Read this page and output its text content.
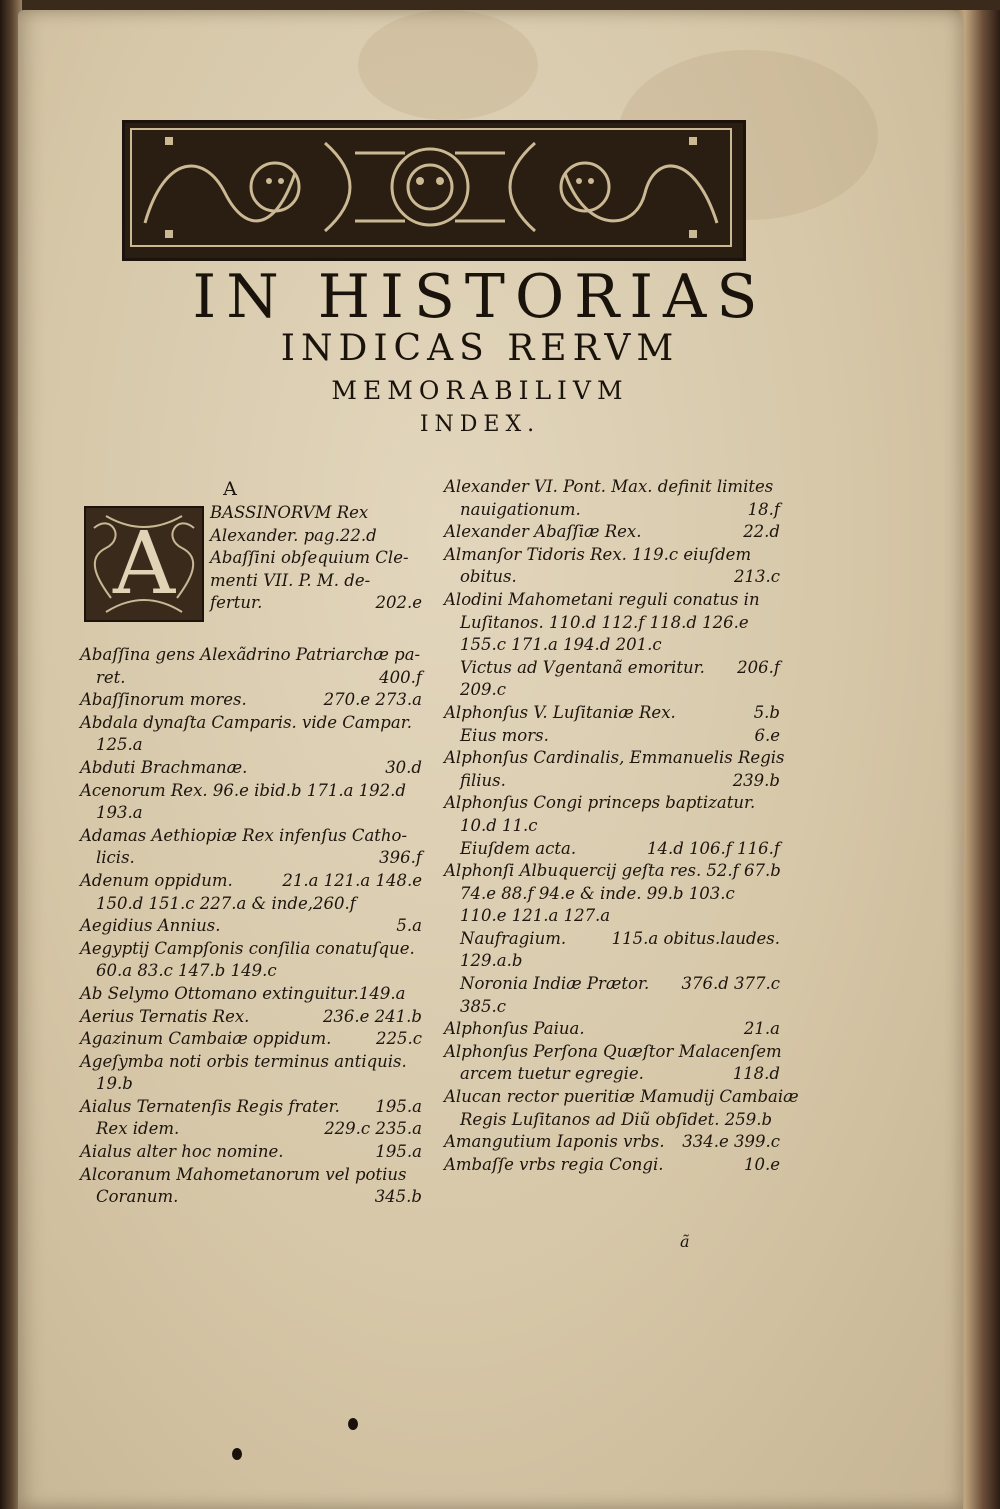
IN HISTORIAS
INDICAS RERVM
MEMORABILIVM
INDEX.
A
A
BASSINORVM Rex
Alexander. pag.22.d
Abaſſini obſequium Cle-
menti VII. P. M. de-
fertur.	202.e
Abaſſina gens Alexãdrino Patriarchæ pa-
ret.	400.f
Abaſſinorum mores.	270.e 273.a
Abdala dynaſta Camparis. vide Campar.
125.a
Abduti Brachmanæ.	30.d
Acenorum Rex. 96.e ibid.b 171.a 192.d
193.a
Adamas Aethiopiæ Rex infenſus Catho-
licis.	396.f
Adenum oppidum.	21.a 121.a 148.e
150.d 151.c 227.a & inde,260.f
Aegidius Annius.	5.a
Aegyptij Campſonis conſilia conatuſque.
60.a 83.c 147.b 149.c
Ab Selymo Ottomano extinguitur.149.a
Aerius Ternatis Rex.	236.e 241.b
Agazinum Cambaiæ oppidum.	225.c
Ageſymba noti orbis terminus antiquis.
19.b
Aialus Ternatenſis Regis frater. 195.a
Rex idem.	229.c 235.a
Aialus alter hoc nomine.	195.a
Alcoranum Mahometanorum vel potius
Coranum.	345.b
Alexander VI. Pont. Max. definit limites
nauigationum.	18.f
Alexander Abaſſiæ Rex.	22.d
Almanſor Tidoris Rex. 119.c eiuſdem
obitus.	213.c
Alodini Mahometani reguli conatus in
Luſitanos. 110.d 112.f 118.d 126.e
155.c 171.a 194.d 201.c
Victus ad Vgentanã emoritur. 206.f
209.c
Alphonſus V. Luſitaniæ Rex.	5.b
Eius mors.	6.e
Alphonſus Cardinalis, Emmanuelis Regis
filius.	239.b
Alphonſus Congi princeps baptizatur.
10.d 11.c
Eiuſdem acta.	14.d 106.f 116.f
Alphonſi Albuquercij geſta res. 52.f 67.b
74.e 88.f 94.e & inde. 99.b 103.c
110.e 121.a 127.a
Naufragium.	115.a obitus.laudes.
129.a.b
Noronia Indiæ Prætor. 376.d 377.c
385.c
Alphonſus Paiua.	21.a
Alphonſus Perſona Quæſtor Malacenſem
arcem tuetur egregie.	118.d
Alucan rector pueritiæ Mamudij Cambaiæ
Regis Luſitanos ad Diũ obſidet. 259.b
Amangutium Iaponis vrbs. 334.e 399.c
Ambaſſe vrbs regia Congi.	10.e
ã
